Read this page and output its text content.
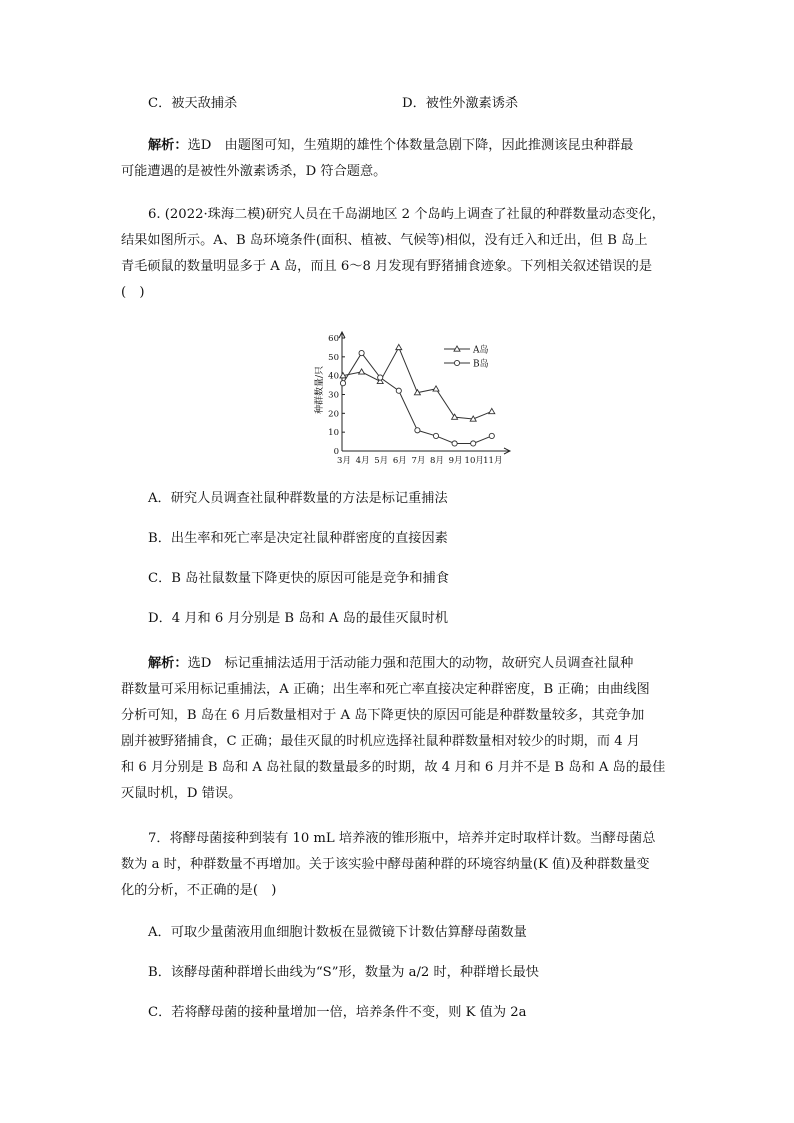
C．被天敌捕杀	D．被性外激素诱杀
解析：选D　由题图可知，生殖期的雄性个体数量急剧下降，因此推测该昆虫种群最
可能遭遇的是被性外激素诱杀，D 符合题意。
6. (2022·珠海二模)研究人员在千岛湖地区 2 个岛屿上调查了社鼠的种群数量动态变化，
结果如图所示。A、B 岛环境条件(面积、植被、气候等)相似，没有迁入和迁出，但 B 岛上
青毛硕鼠的数量明显多于 A 岛，而且 6～8 月发现有野猪捕食迹象。下列相关叙述错误的是
(　)
种群数量/只
0
10
20
30
40
50
60
3月 4月 5月 6月 7月 8月 9月 10月 11月
A岛
B岛
A．研究人员调查社鼠种群数量的方法是标记重捕法
B．出生率和死亡率是决定社鼠种群密度的直接因素
C．B 岛社鼠数量下降更快的原因可能是竞争和捕食
D．4 月和 6 月分别是 B 岛和 A 岛的最佳灭鼠时机
解析：选D　标记重捕法适用于活动能力强和范围大的动物，故研究人员调查社鼠种
群数量可采用标记重捕法，A 正确；出生率和死亡率直接决定种群密度，B 正确；由曲线图
分析可知，B 岛在 6 月后数量相对于 A 岛下降更快的原因可能是种群数量较多，其竞争加
剧并被野猪捕食，C 正确；最佳灭鼠的时机应选择社鼠种群数量相对较少的时期，而 4 月
和 6 月分别是 B 岛和 A 岛社鼠的数量最多的时期，故 4 月和 6 月并不是 B 岛和 A 岛的最佳
灭鼠时机，D 错误。
7．将酵母菌接种到装有 10 mL 培养液的锥形瓶中，培养并定时取样计数。当酵母菌总
数为 a 时，种群数量不再增加。关于该实验中酵母菌种群的环境容纳量(K 值)及种群数量变
化的分析，不正确的是(　)
A．可取少量菌液用血细胞计数板在显微镜下计数估算酵母菌数量
B．该酵母菌种群增长曲线为“S”形，数量为 a/2 时，种群增长最快
C．若将酵母菌的接种量增加一倍，培养条件不变，则 K 值为 2a
